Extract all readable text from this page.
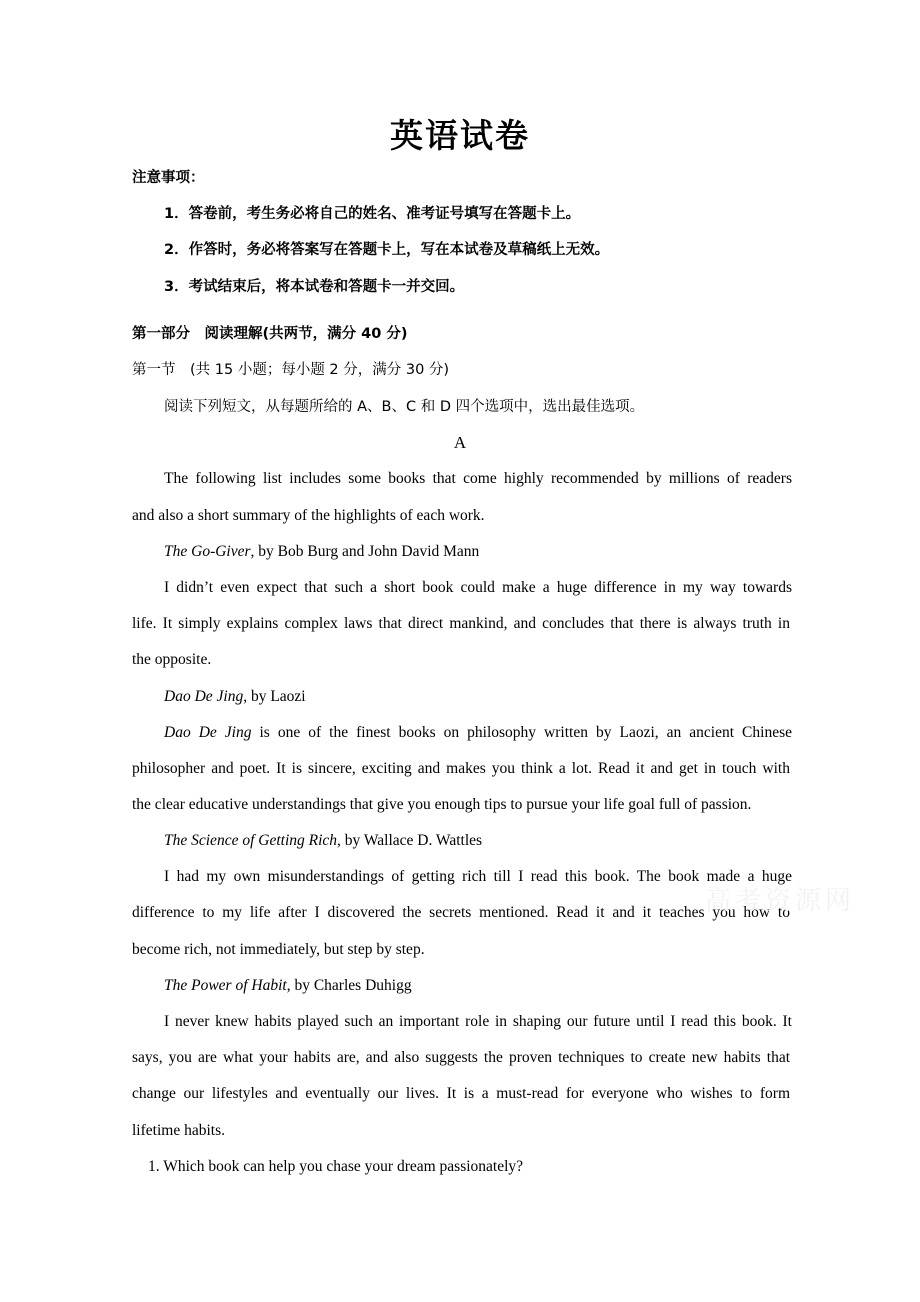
英语试卷
注意事项：
1．答卷前，考生务必将自己的姓名、准考证号填写在答题卡上。
2．作答时，务必将答案写在答题卡上，写在本试卷及草稿纸上无效。
3．考试结束后，将本试卷和答题卡一并交回。
第一部分　阅读理解(共两节，满分 40 分)
第一节　(共 15 小题；每小题 2 分，满分 30 分)
阅读下列短文，从每题所给的 A、B、C 和 D 四个选项中，选出最佳选项。
A
The following list includes some books that come highly recommended by millions of readers
and also a short summary of the highlights of each work.
The Go-Giver, by Bob Burg and John David Mann
I didn’t even expect that such a short book could make a huge difference in my way towards
life. It simply explains complex laws that direct mankind, and concludes that there is always truth in
the opposite.
Dao De Jing, by Laozi
Dao De Jing is one of the finest books on philosophy written by Laozi, an ancient Chinese
philosopher and poet. It is sincere, exciting and makes you think a lot. Read it and get in touch with
the clear educative understandings that give you enough tips to pursue your life goal full of passion.
The Science of Getting Rich, by Wallace D. Wattles
I had my own misunderstandings of getting rich till I read this book. The book made a huge
difference to my life after I discovered the secrets mentioned. Read it and it teaches you how to
become rich, not immediately, but step by step.
The Power of Habit, by Charles Duhigg
I never knew habits played such an important role in shaping our future until I read this book. It
says, you are what your habits are, and also suggests the proven techniques to create new habits that
change our lifestyles and eventually our lives. It is a must-read for everyone who wishes to form
lifetime habits.
1. Which book can help you chase your dream passionately?
高考资源网
